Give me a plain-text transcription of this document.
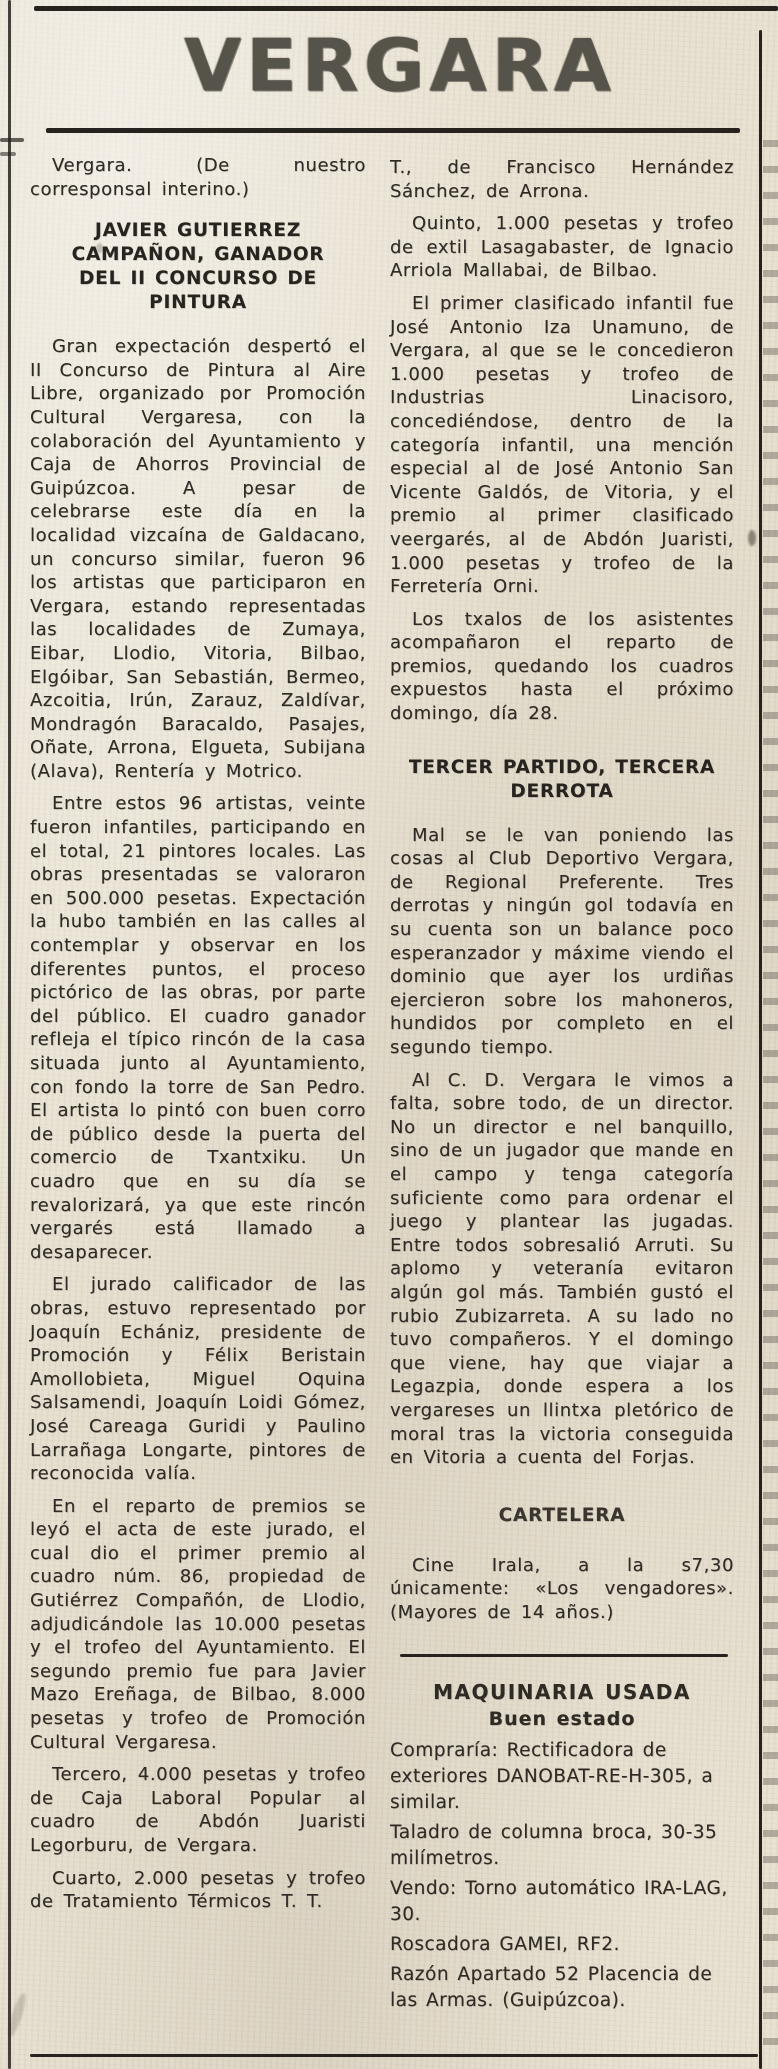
VERGARA

Vergara. (De nuestro corresponsal interino.)

JAVIER GUTIERREZ CAMPAÑON, GANADOR DEL II CONCURSO DE PINTURA

Gran expectación despertó el II Concurso de Pintura al Aire Libre, organizado por Promoción Cultural Vergaresa, con la colaboración del Ayuntamiento y Caja de Ahorros Provincial de Guipúzcoa. A pesar de celebrarse este día en la localidad vizcaína de Galdacano, un concurso similar, fueron 96 los artistas que participaron en Vergara, estando representadas las localidades de Zumaya, Eibar, Llodio, Vitoria, Bilbao, Elgóibar, San Sebastián, Bermeo, Azcoitia, Irún, Zarauz, Zaldívar, Mondragón Baracaldo, Pasajes, Oñate, Arrona, Elgueta, Subijana (Alava), Rentería y Motrico.

Entre estos 96 artistas, veinte fueron infantiles, participando en el total, 21 pintores locales. Las obras presentadas se valoraron en 500.000 pesetas. Expectación la hubo también en las calles al contemplar y observar en los diferentes puntos, el proceso pictórico de las obras, por parte del público. El cuadro ganador refleja el típico rincón de la casa situada junto al Ayuntamiento, con fondo la torre de San Pedro. El artista lo pintó con buen corro de público desde la puerta del comercio de Txantxiku. Un cuadro que en su día se revalorizará, ya que este rincón vergarés está llamado a desaparecer.

El jurado calificador de las obras, estuvo representado por Joaquín Echániz, presidente de Promoción y Félix Beristain Amollobieta, Miguel Oquina Salsamendi, Joaquín Loidi Gómez, José Careaga Guridi y Paulino Larrañaga Longarte, pintores de reconocida valía.

En el reparto de premios se leyó el acta de este jurado, el cual dio el primer premio al cuadro núm. 86, propiedad de Gutiérrez Compañón, de Llodio, adjudicándole las 10.000 pesetas y el trofeo del Ayuntamiento. El segundo premio fue para Javier Mazo Ereñaga, de Bilbao, 8.000 pesetas y trofeo de Promoción Cultural Vergaresa.

Tercero, 4.000 pesetas y trofeo de Caja Laboral Popular al cuadro de Abdón Juaristi Legorburu, de Vergara.

Cuarto, 2.000 pesetas y trofeo de Tratamiento Térmicos T. T.

T., de Francisco Hernández Sánchez, de Arrona.

Quinto, 1.000 pesetas y trofeo de extil Lasagabaster, de Ignacio Arriola Mallabai, de Bilbao.

El primer clasificado infantil fue José Antonio Iza Unamuno, de Vergara, al que se le concedieron 1.000 pesetas y trofeo de Industrias Linacisoro, concediéndose, dentro de la categoría infantil, una mención especial al de José Antonio San Vicente Galdós, de Vitoria, y el premio al primer clasificado veergarés, al de Abdón Juaristi, 1.000 pesetas y trofeo de la Ferretería Orni.

Los txalos de los asistentes acompañaron el reparto de premios, quedando los cuadros expuestos hasta el próximo domingo, día 28.

TERCER PARTIDO, TERCERA DERROTA

Mal se le van poniendo las cosas al Club Deportivo Vergara, de Regional Preferente. Tres derrotas y ningún gol todavía en su cuenta son un balance poco esperanzador y máxime viendo el dominio que ayer los urdiñas ejercieron sobre los mahoneros, hundidos por completo en el segundo tiempo.

Al C. D. Vergara le vimos a falta, sobre todo, de un director. No un director e nel banquillo, sino de un jugador que mande en el campo y tenga categoría suficiente como para ordenar el juego y plantear las jugadas. Entre todos sobresalió Arruti. Su aplomo y veteranía evitaron algún gol más. También gustó el rubio Zubizarreta. A su lado no tuvo compañeros. Y el domingo que viene, hay que viajar a Legazpia, donde espera a los vergareses un llintxa pletórico de moral tras la victoria conseguida en Vitoria a cuenta del Forjas.

CARTELERA

Cine Irala, a la s7,30 únicamente: «Los vengadores». (Mayores de 14 años.)

MAQUINARIA USADA

Buen estado

Compraría: Rectificadora de exteriores DANOBAT-RE-H-305, a similar.

Taladro de columna broca, 30-35 milímetros.

Vendo: Torno automático IRA-LAG, 30.

Roscadora GAMEI, RF2.

Razón Apartado 52 Placencia de las Armas. (Guipúzcoa).
